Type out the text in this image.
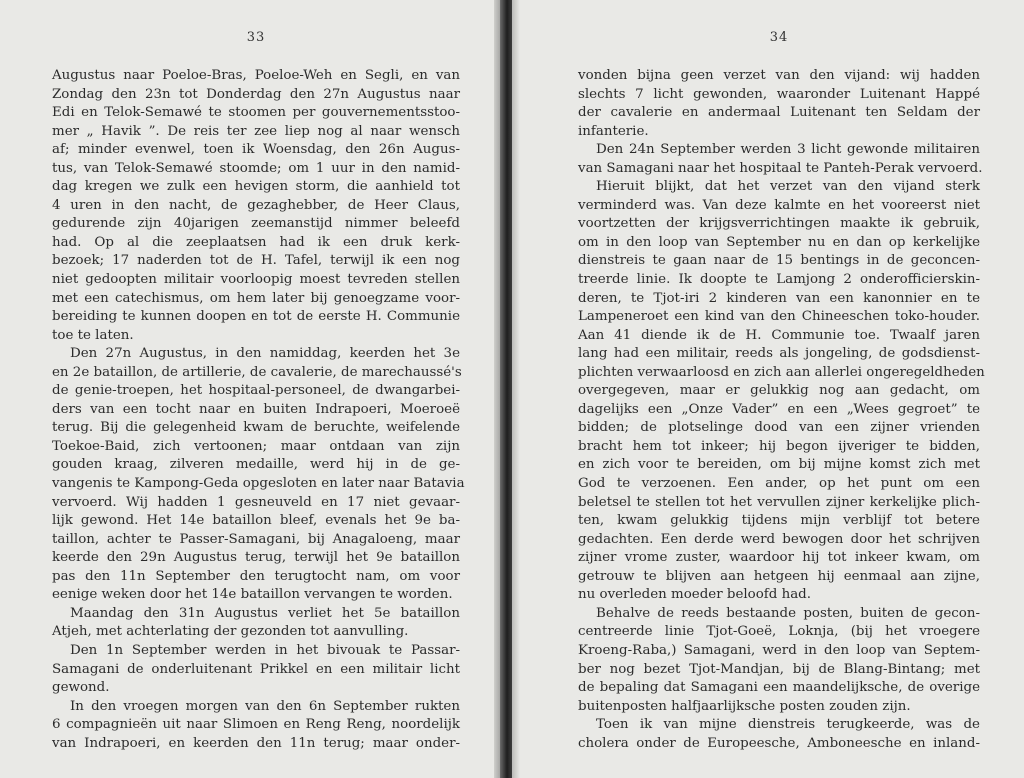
33
Augustus naar Poeloe-Bras, Poeloe-Weh en Segli, en van
Zondag den 23n tot Donderdag den 27n Augustus naar
Edi en Telok-Semawé te stoomen per gouvernementsstoo-
mer „ Havik ”. De reis ter zee liep nog al naar wensch
af; minder evenwel, toen ik Woensdag, den 26n Augus-
tus, van Telok-Semawé stoomde; om 1 uur in den namid-
dag kregen we zulk een hevigen storm, die aanhield tot
4 uren in den nacht, de gezaghebber, de Heer Claus,
gedurende zijn 40jarigen zeemanstijd nimmer beleefd
had. Op al die zeeplaatsen had ik een druk kerk-
bezoek; 17 naderden tot de H. Tafel, terwijl ik een nog
niet gedoopten militair voorloopig moest tevreden stellen
met een catechismus, om hem later bij genoegzame voor-
bereiding te kunnen doopen en tot de eerste H. Communie
toe te laten.
Den 27n Augustus, in den namiddag, keerden het 3e
en 2e bataillon, de artillerie, de cavalerie, de marechaussé's
de genie-troepen, het hospitaal-personeel, de dwangarbei-
ders van een tocht naar en buiten Indrapoeri, Moeroeë
terug. Bij die gelegenheid kwam de beruchte, weifelende
Toekoe-Baid, zich vertoonen; maar ontdaan van zijn
gouden kraag, zilveren medaille, werd hij in de ge-
vangenis te Kampong-Geda opgesloten en later naar Batavia
vervoerd. Wij hadden 1 gesneuveld en 17 niet gevaar-
lijk gewond. Het 14e bataillon bleef, evenals het 9e ba-
taillon, achter te Passer-Samagani, bij Anagaloeng, maar
keerde den 29n Augustus terug, terwijl het 9e bataillon
pas den 11n September den terugtocht nam, om voor
eenige weken door het 14e bataillon vervangen te worden.
Maandag den 31n Augustus verliet het 5e bataillon
Atjeh, met achterlating der gezonden tot aanvulling.
Den 1n September werden in het bivouak te Passar-
Samagani de onderluitenant Prikkel en een militair licht
gewond.
In den vroegen morgen van den 6n September rukten
6 compagnieën uit naar Slimoen en Reng Reng, noordelijk
van Indrapoeri, en keerden den 11n terug; maar onder-
34
vonden bijna geen verzet van den vijand: wij hadden
slechts 7 licht gewonden, waaronder Luitenant Happé
der cavalerie en andermaal Luitenant ten Seldam der
infanterie.
Den 24n September werden 3 licht gewonde militairen
van Samagani naar het hospitaal te Panteh-Perak vervoerd.
Hieruit blijkt, dat het verzet van den vijand sterk
verminderd was. Van deze kalmte en het vooreerst niet
voortzetten der krijgsverrichtingen maakte ik gebruik,
om in den loop van September nu en dan op kerkelijke
dienstreis te gaan naar de 15 bentings in de geconcen-
treerde linie. Ik doopte te Lamjong 2 onderofficierskin-
deren, te Tjot-iri 2 kinderen van een kanonnier en te
Lampeneroet een kind van den Chineeschen toko-houder.
Aan 41 diende ik de H. Communie toe. Twaalf jaren
lang had een militair, reeds als jongeling, de godsdienst-
plichten verwaarloosd en zich aan allerlei ongeregeldheden
overgegeven, maar er gelukkig nog aan gedacht, om
dagelijks een „Onze Vader” en een „Wees gegroet” te
bidden; de plotselinge dood van een zijner vrienden
bracht hem tot inkeer; hij begon ijveriger te bidden,
en zich voor te bereiden, om bij mijne komst zich met
God te verzoenen. Een ander, op het punt om een
beletsel te stellen tot het vervullen zijner kerkelijke plich-
ten, kwam gelukkig tijdens mijn verblijf tot betere
gedachten. Een derde werd bewogen door het schrijven
zijner vrome zuster, waardoor hij tot inkeer kwam, om
getrouw te blijven aan hetgeen hij eenmaal aan zijne,
nu overleden moeder beloofd had.
Behalve de reeds bestaande posten, buiten de gecon-
centreerde linie Tjot-Goeë, Loknja, (bij het vroegere
Kroeng-Raba,) Samagani, werd in den loop van Septem-
ber nog bezet Tjot-Mandjan, bij de Blang-Bintang; met
de bepaling dat Samagani een maandelijksche, de overige
buitenposten halfjaarlijksche posten zouden zijn.
Toen ik van mijne dienstreis terugkeerde, was de
cholera onder de Europeesche, Amboneesche en inland-
